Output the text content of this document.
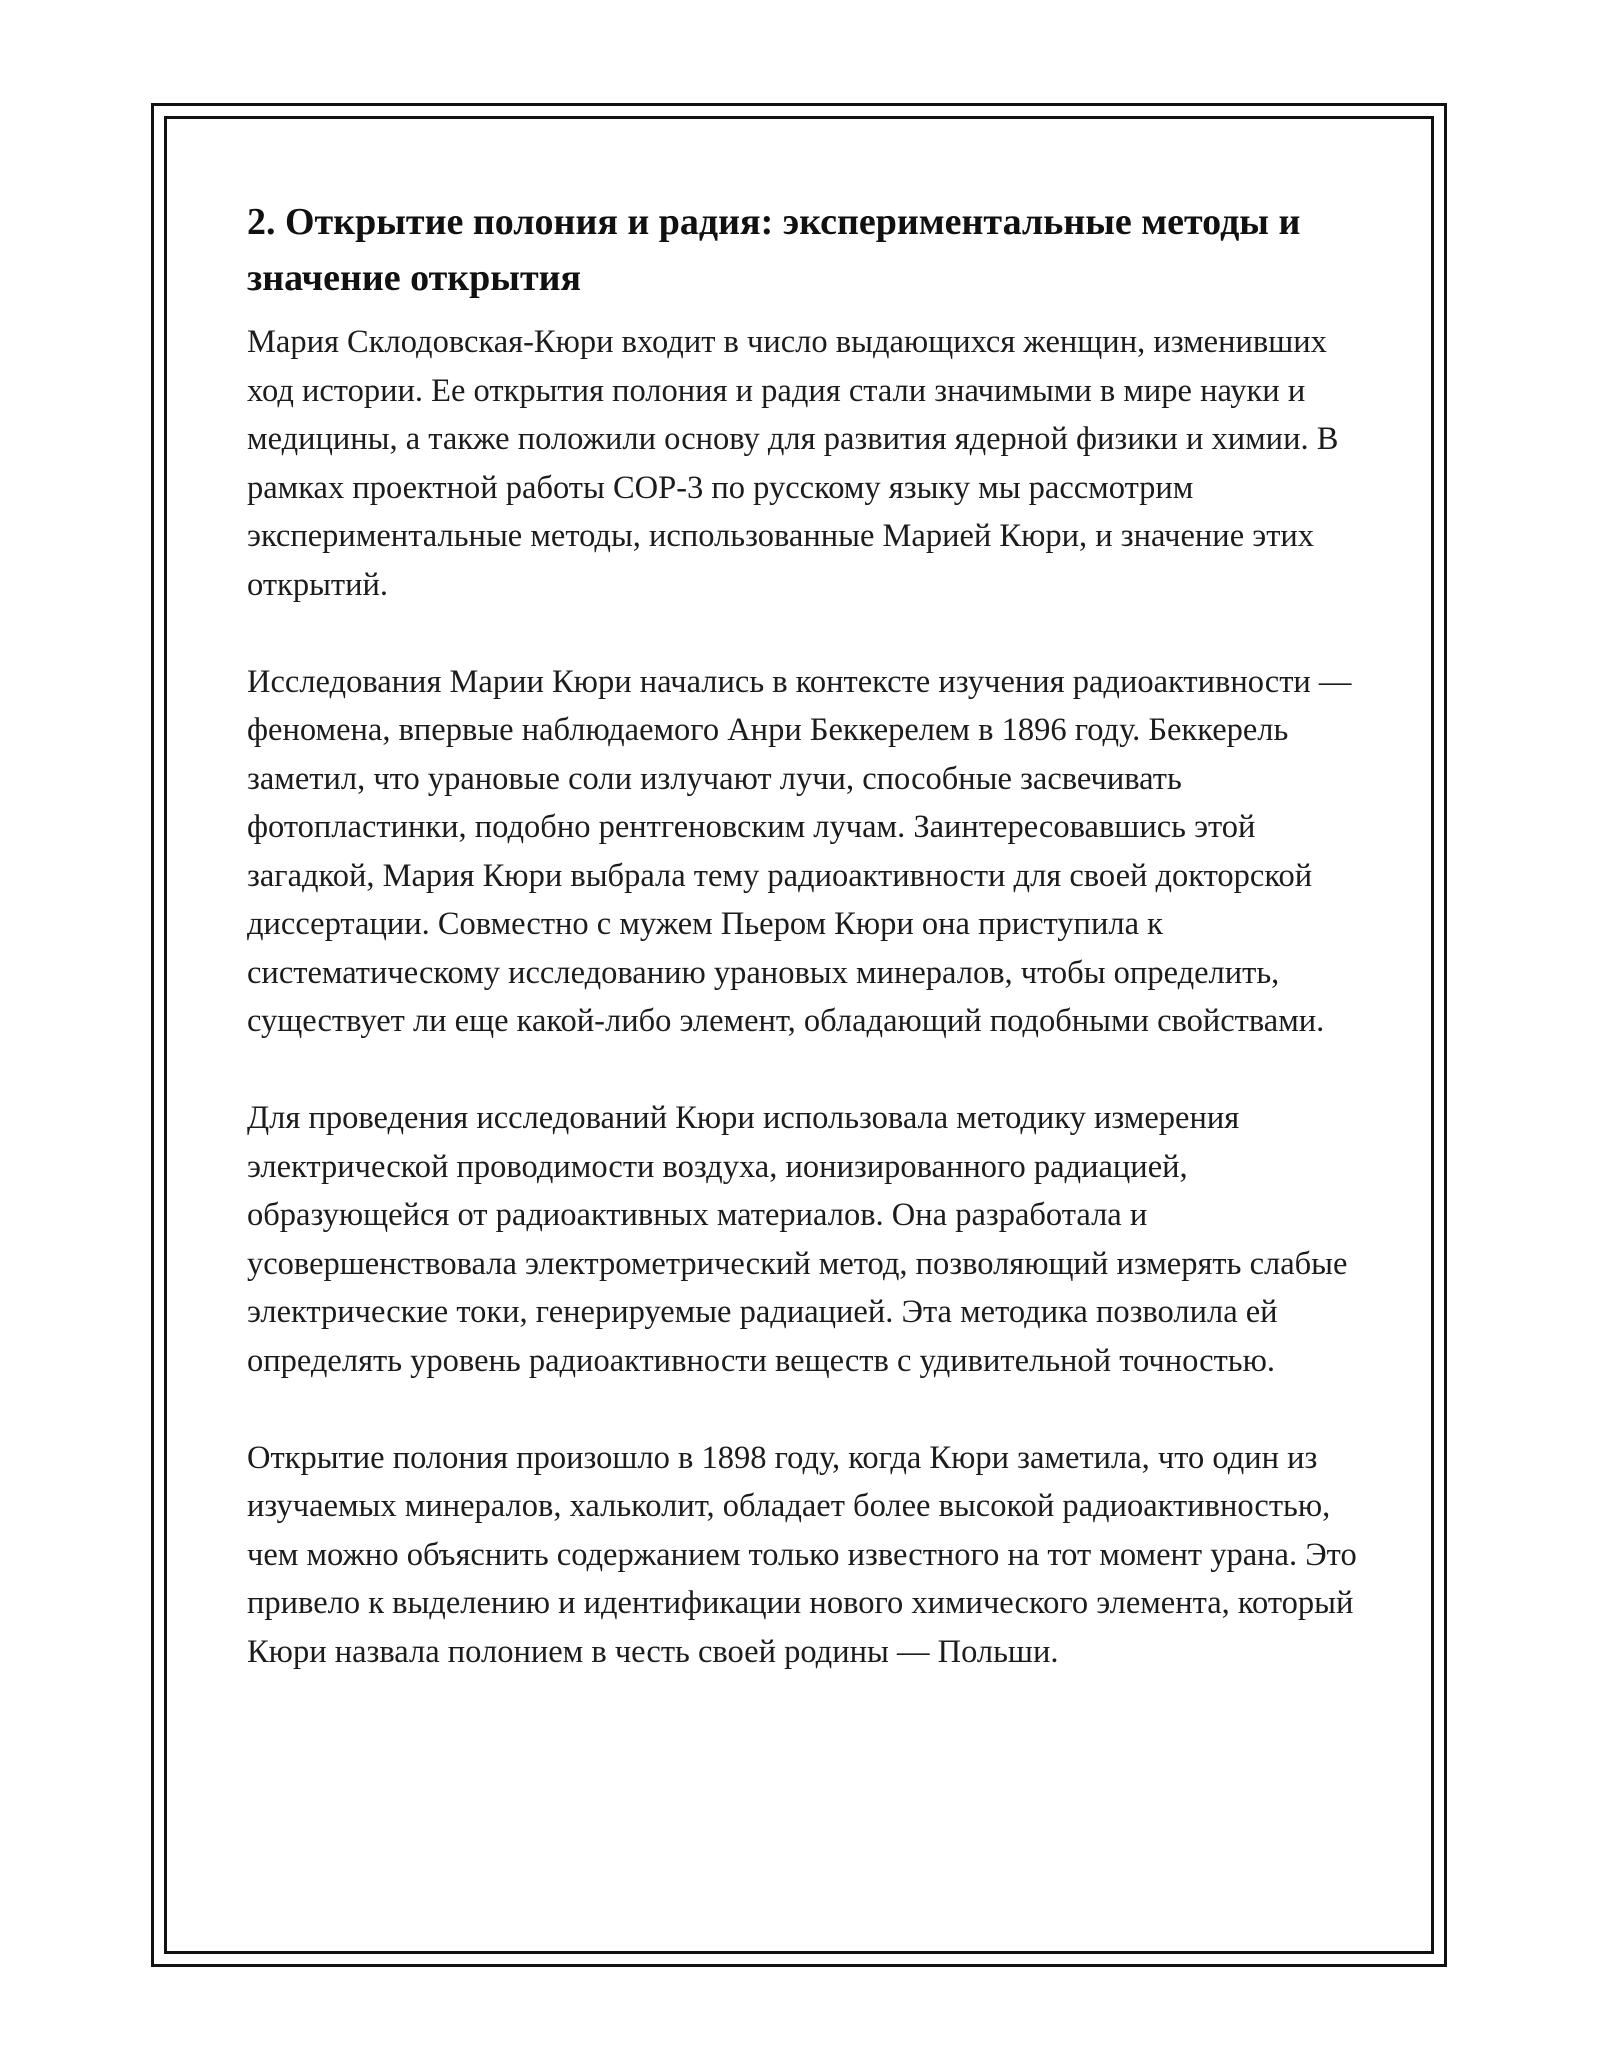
2. Открытие полония и радия: экспериментальные методы и значение открытия

Мария Склодовская-Кюри входит в число выдающихся женщин, изменивших ход истории. Ее открытия полония и радия стали значимыми в мире науки и медицины, а также положили основу для развития ядерной физики и химии. В рамках проектной работы СОР-3 по русскому языку мы рассмотрим экспериментальные методы, использованные Марией Кюри, и значение этих открытий.

Исследования Марии Кюри начались в контексте изучения радиоактивности — феномена, впервые наблюдаемого Анри Беккерелем в 1896 году. Беккерель заметил, что урановые соли излучают лучи, способные засвечивать фотопластинки, подобно рентгеновским лучам. Заинтересовавшись этой загадкой, Мария Кюри выбрала тему радиоактивности для своей докторской диссертации. Совместно с мужем Пьером Кюри она приступила к систематическому исследованию урановых минералов, чтобы определить, существует ли еще какой-либо элемент, обладающий подобными свойствами.

Для проведения исследований Кюри использовала методику измерения электрической проводимости воздуха, ионизированного радиацией, образующейся от радиоактивных материалов. Она разработала и усовершенствовала электрометрический метод, позволяющий измерять слабые электрические токи, генерируемые радиацией. Эта методика позволила ей определять уровень радиоактивности веществ с удивительной точностью.

Открытие полония произошло в 1898 году, когда Кюри заметила, что один из изучаемых минералов, хальколит, обладает более высокой радиоактивностью, чем можно объяснить содержанием только известного на тот момент урана. Это привело к выделению и идентификации нового химического элемента, который Кюри назвала полонием в честь своей родины — Польши.
